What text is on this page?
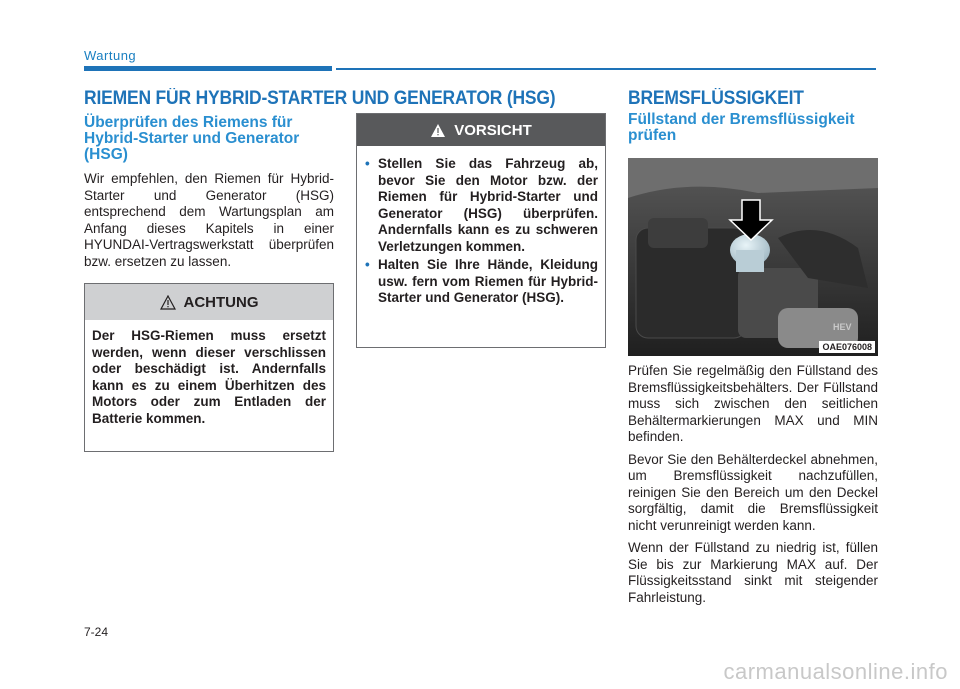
Wartung
RIEMEN FÜR HYBRID-STARTER UND GENERATOR (HSG)
Überprüfen des Riemens für Hybrid-Starter und Generator (HSG)

Wir empfehlen, den Riemen für Hybrid-Starter und Generator (HSG) entsprechend dem Wartungsplan am Anfang dieses Kapitels in einer HYUNDAI-Vertragswerkstatt überprüfen bzw. ersetzen zu lassen.

ACHTUNG
Der HSG-Riemen muss ersetzt werden, wenn dieser verschlissen oder beschädigt ist. Andernfalls kann es zu einem Überhitzen des Motors oder zum Entladen der Batterie kommen.
VORSICHT
• Stellen Sie das Fahrzeug ab, bevor Sie den Motor bzw. der Riemen für Hybrid-Starter und Generator (HSG) überprüfen. Andernfalls kann es zu schweren Verletzungen kommen.
• Halten Sie Ihre Hände, Kleidung usw. fern vom Riemen für Hybrid-Starter und Generator (HSG).
BREMSFLÜSSIGKEIT
Füllstand der Bremsflüssigkeit prüfen
HEV
OAE076008

Prüfen Sie regelmäßig den Füllstand des Bremsflüssigkeitsbehälters. Der Füllstand muss sich zwischen den seitlichen Behältermarkierungen MAX und MIN befinden.

Bevor Sie den Behälterdeckel abnehmen, um Bremsflüssigkeit nachzufüllen, reinigen Sie den Bereich um den Deckel sorgfältig, damit die Bremsflüssigkeit nicht verunreinigt werden kann.

Wenn der Füllstand zu niedrig ist, füllen Sie bis zur Markierung MAX auf. Der Flüssigkeitsstand sinkt mit steigender Fahrleistung.

7-24
carmanualsonline.info
